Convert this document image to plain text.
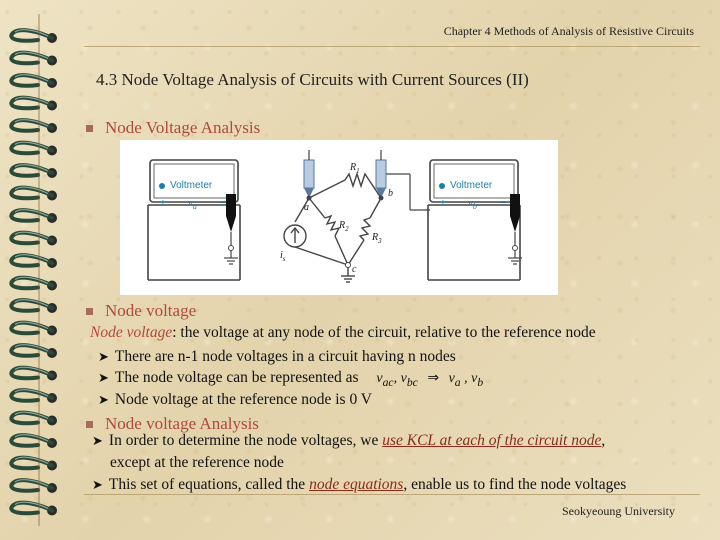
Chapter 4 Methods of Analysis of Resistive Circuits
4.3 Node Voltage Analysis of Circuits with Current Sources (II)
Node Voltage Analysis
Voltmeter
+	−
$v_a$	a
b
c
$R_1$
$R_2$
$R_3$
$i_s$
Voltmeter
+	−
$v_b$
Node voltage
Node voltage: the voltage at any node of the circuit, relative to the reference node
➤ There are n-1 node voltages in a circuit having n nodes
➤ The node voltage can be represented as $v_{ac}$, $v_{bc}$ ⇒ $v_a$ , $v_b$
➤ Node voltage at the reference node is 0 V
Node voltage Analysis
➤ In order to determine the node voltages, we use KCL at each of the circuit node,
except at the reference node
➤ This set of equations, called the node equations, enable us to find the node voltages
Seokyeoung University
